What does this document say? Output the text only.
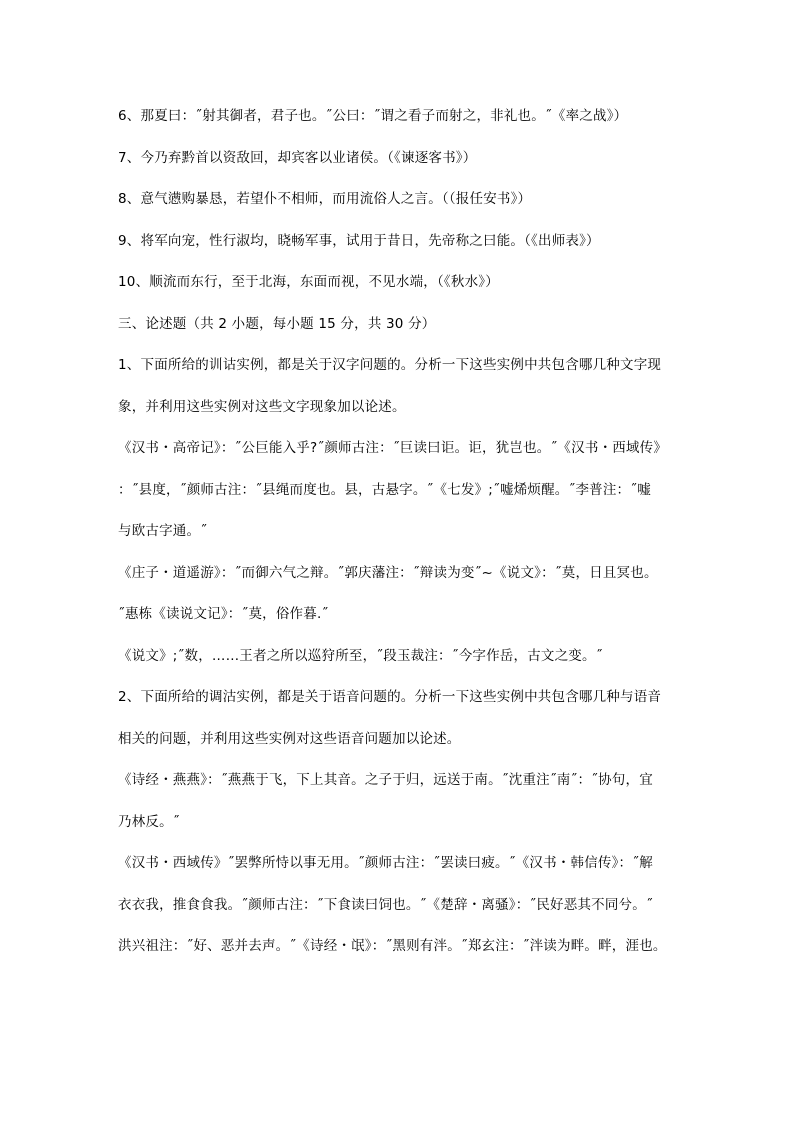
6、那夏曰：˝射其御者，君子也。˝公曰：˝谓之看子而射之，非礼也。˝《率之战》）
7、今乃弃黔首以资敌回，却宾客以业诸侯。（《谏逐客书》）
8、意气懑购暴恳，若望仆不相师，而用流俗人之言。（（报任安书》）
9、将军向宠，性行淑均，晓畅军事，试用于昔日，先帝称之曰能。（《出师表》）
10、顺流而东行，至于北海，东面而视，不见水端，（《秋水》）
三、论述题（共 2 小题，每小题 15 分，共 30 分）
1、下面所给的训诂实例，都是关于汉字问题的。分析一下这些实例中共包含哪几种文字现
象，并利用这些实例对这些文字现象加以论述。
《汉书・高帝记》：˝公巨能入乎?˝颜师古注：˝巨读曰讵。讵，犹岂也。˝《汉书・西域传》
：˝县度，˝颜师古注：˝县绳而度也。县，古悬字。˝《七发》;˝嘘烯烦醒。˝李普注：˝嘘
与欧古字通。˝
《庄子・道遥游》：˝而御六气之辩。˝郭庆藩注：˝辩读为变˝~《说文》：˝莫，日且冥也。
˝惠栋《读说文记》：˝莫，俗作暮.˝
《说文》;˝数，……王者之所以巡狩所至，˝段玉裁注：˝今字作岳，古文之变。˝
2、下面所给的调沽实例，都是关于语音问题的。分析一下这些实例中共包含哪几种与语音
相关的问题，并利用这些实例对这些语音问题加以论述。
《诗经・燕燕》：˝燕燕于飞，下上其音。之子于归，远送于南。˝沈重注˝南˝：˝协句，宜
乃林反。˝
《汉书・西域传》˝罢弊所恃以事无用。˝颜师古注：˝罢读曰疲。˝《汉书・韩信传》：˝解
衣衣我，推食食我。˝颜师古注：˝下食读曰饲也。˝《楚辞・离骚》：˝民好恶其不同兮。˝
洪兴祖注：˝好、恶并去声。˝《诗经・氓》：˝黑则有泮。˝郑玄注：˝泮读为畔。畔，涯也。
